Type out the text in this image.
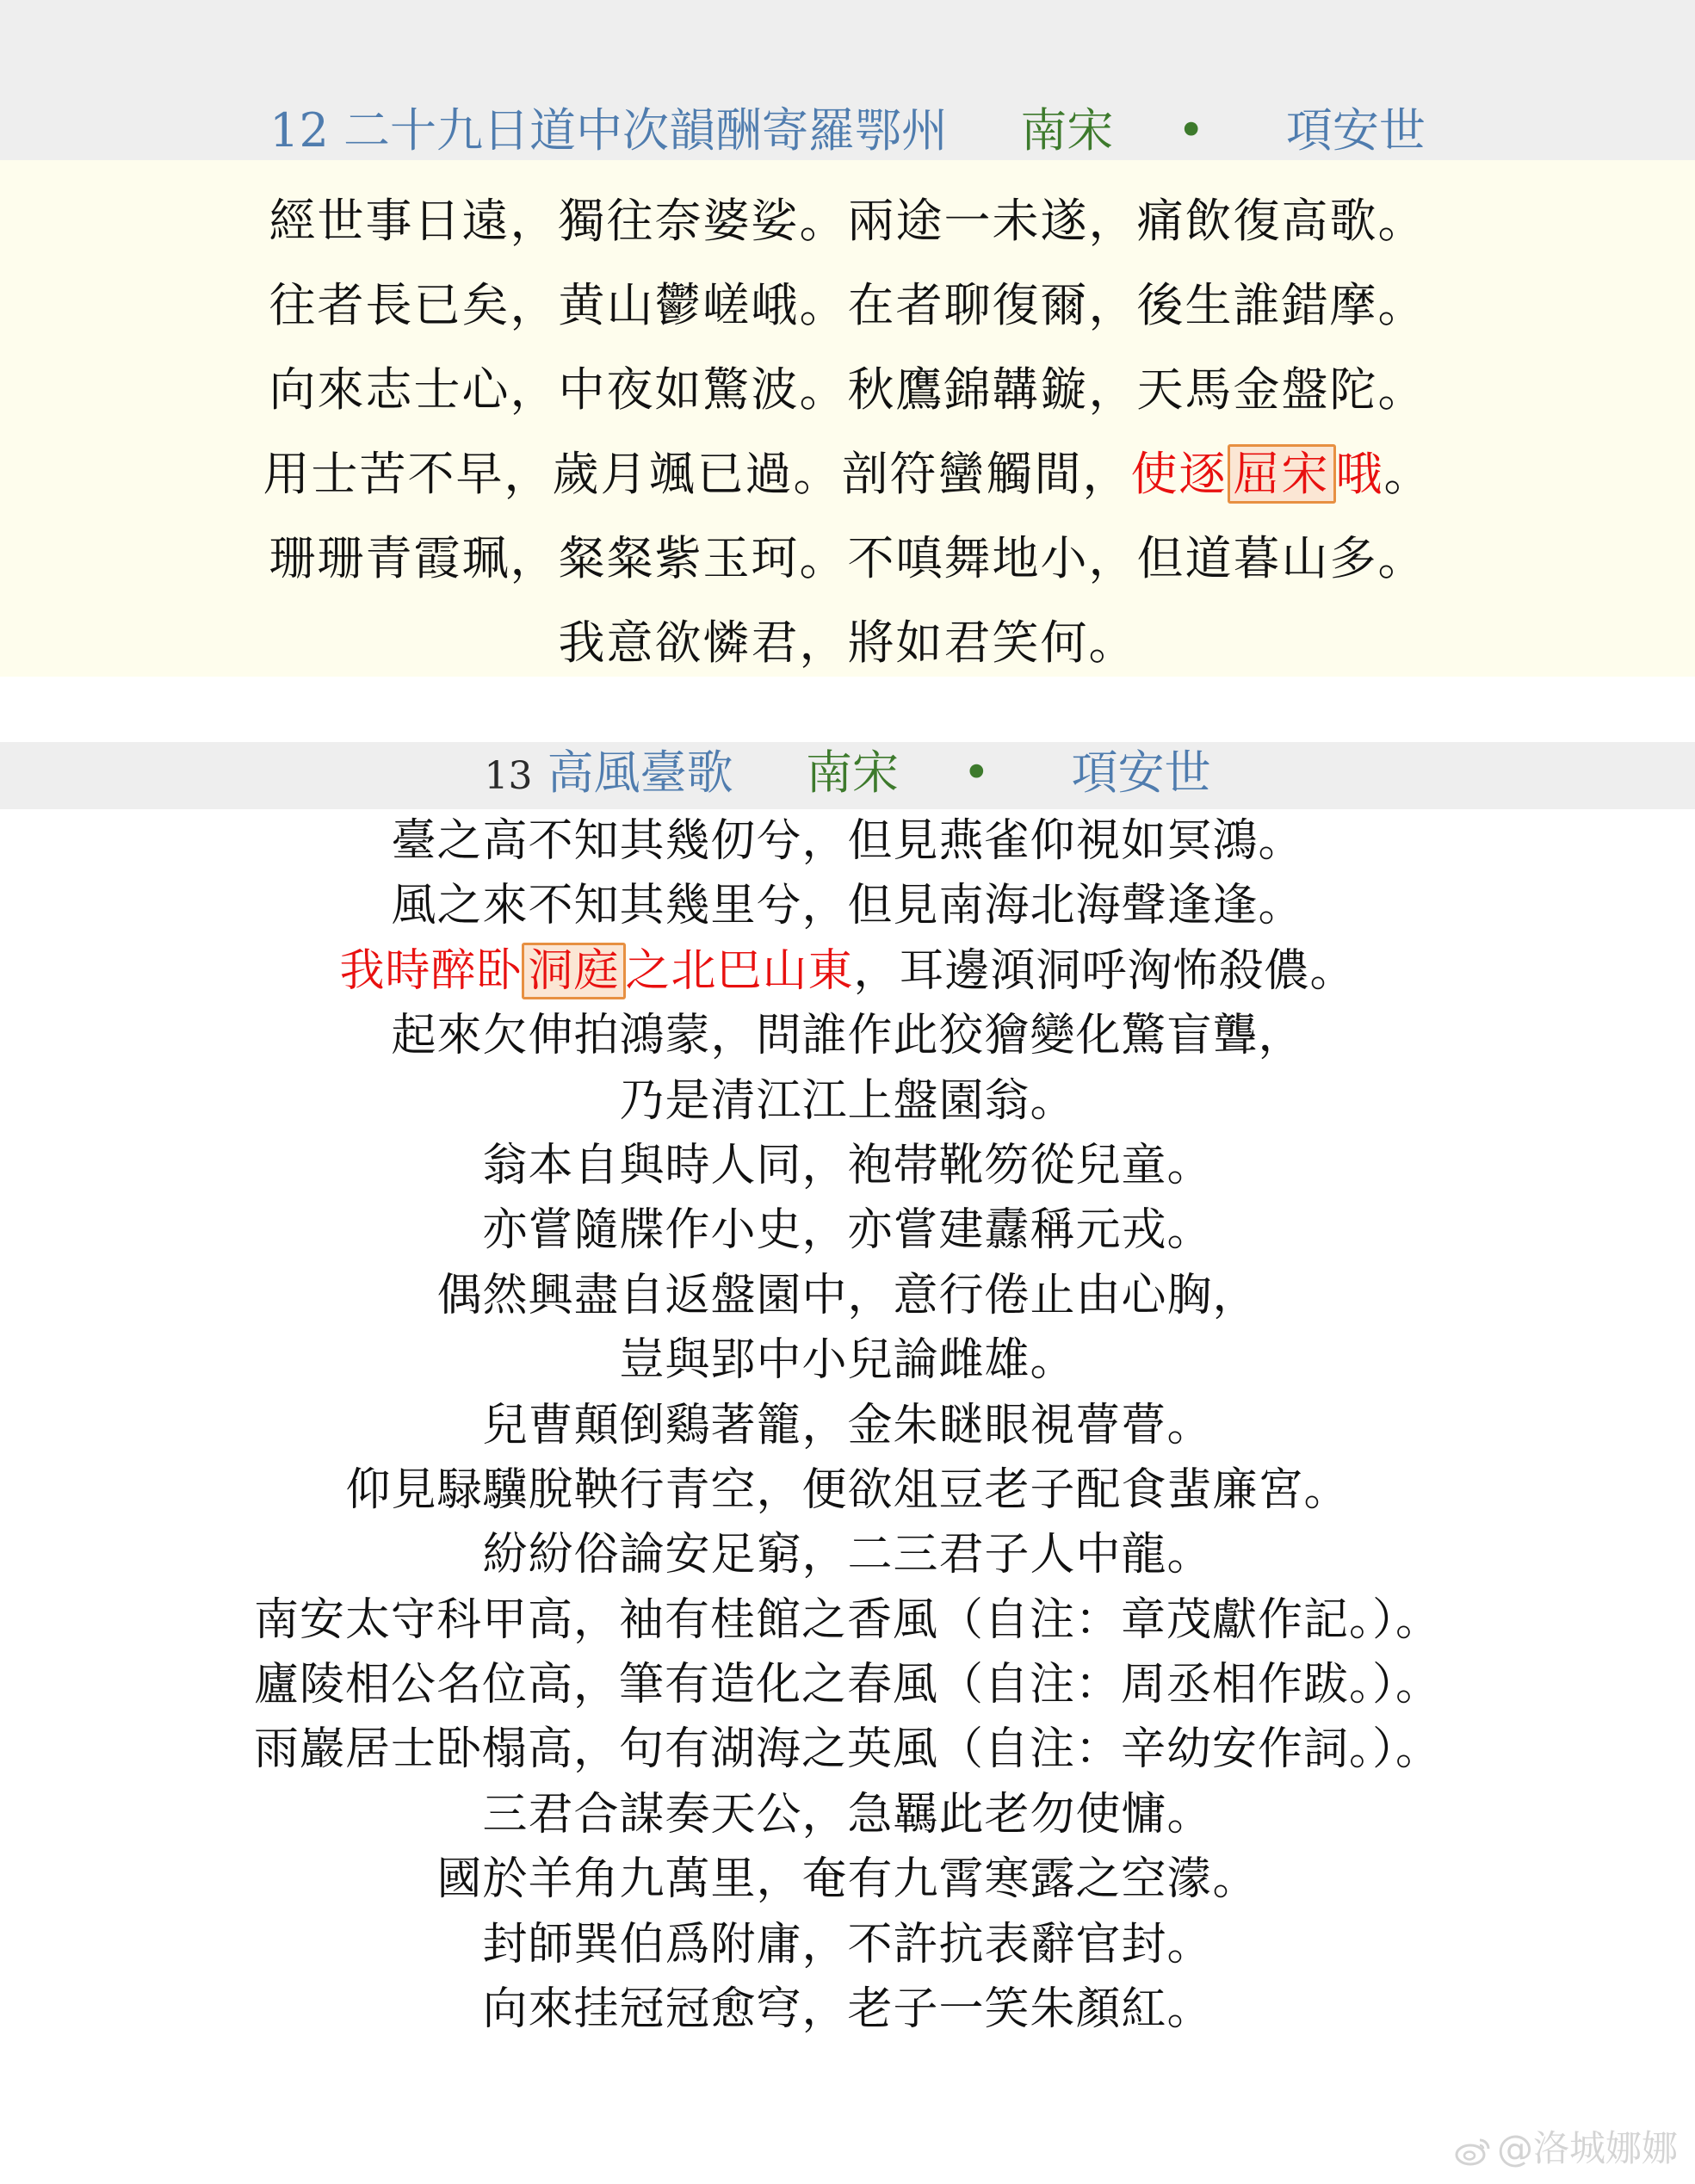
12 二十九日道中次韻酬寄羅鄂州 南宋 • 項安世
經世事日遠，獨往奈婆娑。兩途一未遂，痛飲復高歌。
往者長已矣，黄山鬱嵯峨。在者聊復爾，後生誰錯摩。
向來志士心，中夜如驚波。秋鷹錦韝鏇，天馬金盤陀。
用士苦不早，歲月颯已過。剖符蠻觸間，使逐 屈宋 哦。
珊珊青霞珮，粲粲紫玉珂。不嗔舞地小，但道暮山多。
我意欲憐君，將如君笑何。
13 高風臺歌 南宋 • 項安世
臺之高不知其幾仞兮，但見燕雀仰視如冥鴻。
風之來不知其幾里兮，但見南海北海聲逢逢。
我時醉卧 洞庭 之北巴山東，耳邊澒洞呼洶怖殺儂。
起來欠伸拍鴻蒙，問誰作此狡獪變化驚盲聾，
乃是清江江上盤園翁。
翁本自與時人同，袍帯靴笏從兒童。
亦嘗隨牒作小史，亦嘗建纛稱元戎。
偶然興盡自返盤園中，意行倦止由心胸，
豈與郢中小兒論雌雄。
兒曹顛倒鷄著籠，金朱瞇眼視瞢瞢。
仰見騄驥脫鞅行青空，便欲俎豆老子配食蜚廉宮。
紛紛俗論安足窮，二三君子人中龍。
南安太守科甲高，袖有桂館之香風（自注：章茂獻作記。）。
廬陵相公名位高，筆有造化之春風（自注：周丞相作跋。）。
雨巖居士卧榻高，句有湖海之英風（自注：辛幼安作詞。）。
三君合謀奏天公，急羈此老勿使慵。
國於羊角九萬里，奄有九霄寒露之空濛。
封師巽伯爲附庸，不許抗表辭官封。
向來挂冠冠愈穹，老子一笑朱顏紅。
@洛城娜娜
